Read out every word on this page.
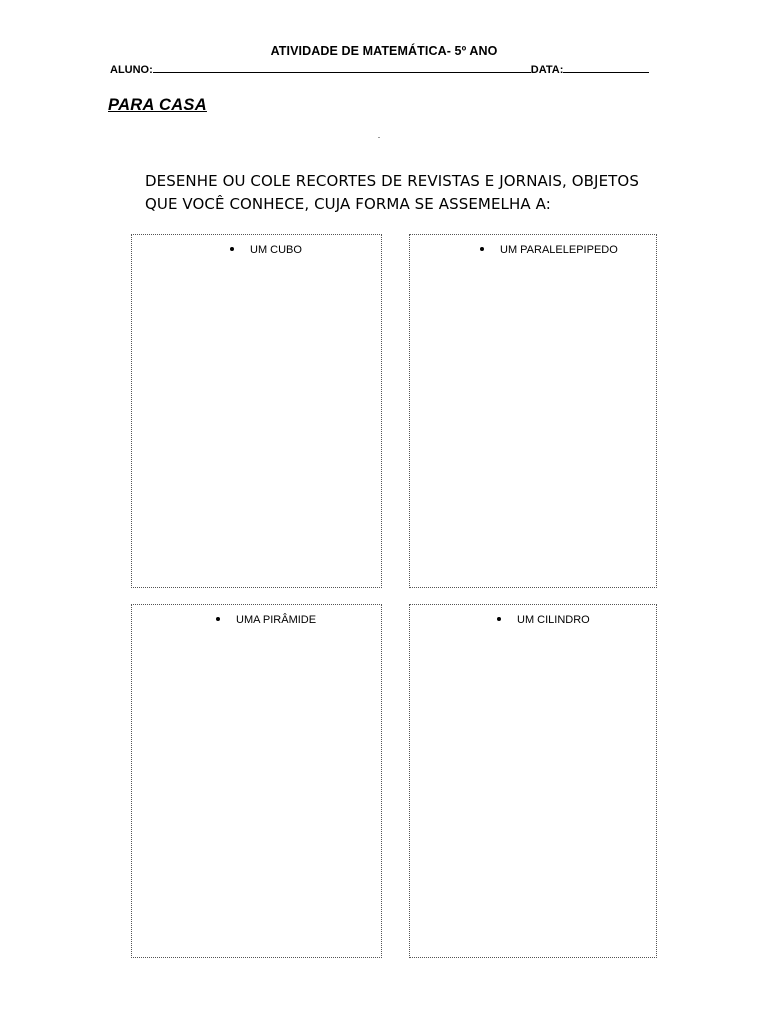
ATIVIDADE DE MATEMÁTICA- 5º ANO
ALUNO:	DATA:
PARA CASA
DESENHE OU COLE RECORTES DE REVISTAS E JORNAIS, OBJETOS
QUE VOCÊ CONHECE, CUJA FORMA SE ASSEMELHA A:
UM CUBO	UM PARALELEPIPEDO
UMA PIRÂMIDE	UM CILINDRO
